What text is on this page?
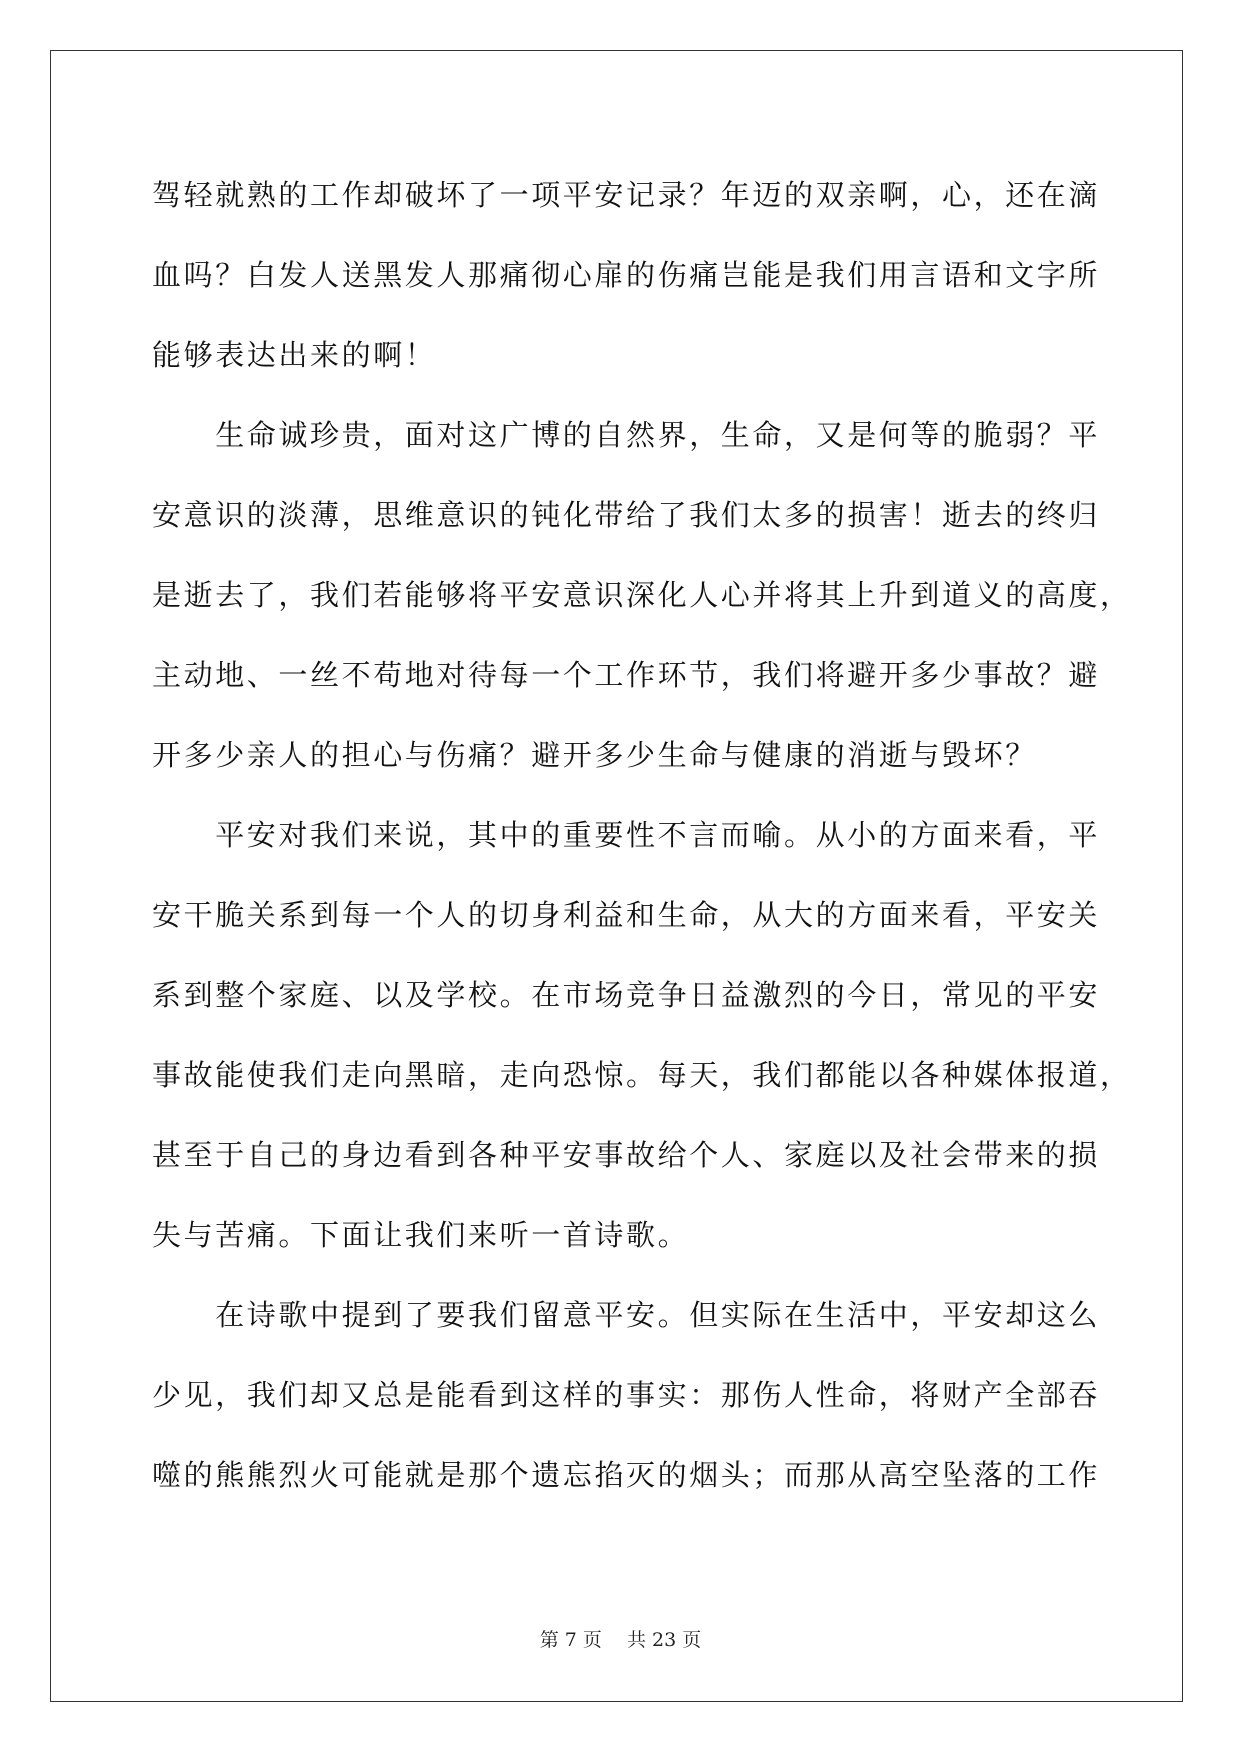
驾轻就熟的工作却破坏了一项平安记录？年迈的双亲啊，心，还在滴
血吗？白发人送黑发人那痛彻心扉的伤痛岂能是我们用言语和文字所
能够表达出来的啊！
　　生命诚珍贵，面对这广博的自然界，生命，又是何等的脆弱？平
安意识的淡薄，思维意识的钝化带给了我们太多的损害！逝去的终归
是逝去了，我们若能够将平安意识深化人心并将其上升到道义的高度，
主动地、一丝不苟地对待每一个工作环节，我们将避开多少事故？避
开多少亲人的担心与伤痛？避开多少生命与健康的消逝与毁坏？
　　平安对我们来说，其中的重要性不言而喻。从小的方面来看，平
安干脆关系到每一个人的切身利益和生命，从大的方面来看，平安关
系到整个家庭、以及学校。在市场竞争日益激烈的今日，常见的平安
事故能使我们走向黑暗，走向恐惊。每天，我们都能以各种媒体报道，
甚至于自己的身边看到各种平安事故给个人、家庭以及社会带来的损
失与苦痛。下面让我们来听一首诗歌。
　　在诗歌中提到了要我们留意平安。但实际在生活中，平安却这么
少见，我们却又总是能看到这样的事实：那伤人性命，将财产全部吞
噬的熊熊烈火可能就是那个遗忘掐灭的烟头；而那从高空坠落的工作
第 7 页　 共 23 页
